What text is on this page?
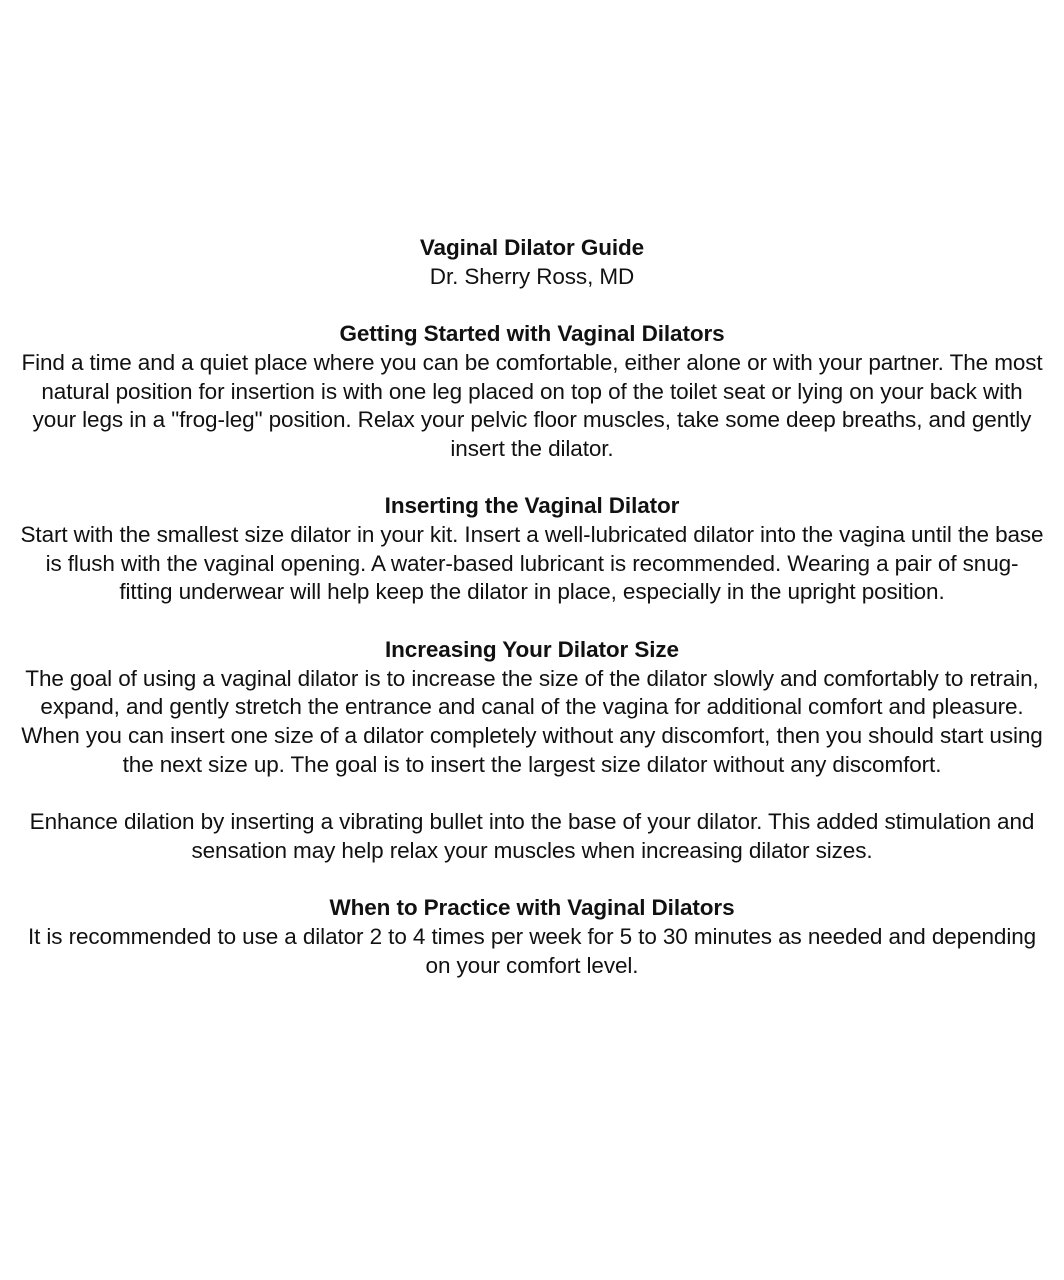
Vaginal Dilator Guide

Dr. Sherry Ross, MD

Getting Started with Vaginal Dilators

Find a time and a quiet place where you can be comfortable, either alone or with your partner. The most natural position for insertion is with one leg placed on top of the toilet seat or lying on your back with your legs in a "frog-leg" position. Relax your pelvic floor muscles, take some deep breaths, and gently insert the dilator.

Inserting the Vaginal Dilator

Start with the smallest size dilator in your kit. Insert a well-lubricated dilator into the vagina until the base is flush with the vaginal opening. A water-based lubricant is recommended. Wearing a pair of snug-fitting underwear will help keep the dilator in place, especially in the upright position.

Increasing Your Dilator Size

The goal of using a vaginal dilator is to increase the size of the dilator slowly and comfortably to retrain, expand, and gently stretch the entrance and canal of the vagina for additional comfort and pleasure. When you can insert one size of a dilator completely without any discomfort, then you should start using the next size up. The goal is to insert the largest size dilator without any discomfort.

Enhance dilation by inserting a vibrating bullet into the base of your dilator. This added stimulation and sensation may help relax your muscles when increasing dilator sizes.

When to Practice with Vaginal Dilators

It is recommended to use a dilator 2 to 4 times per week for 5 to 30 minutes as needed and depending on your comfort level.
